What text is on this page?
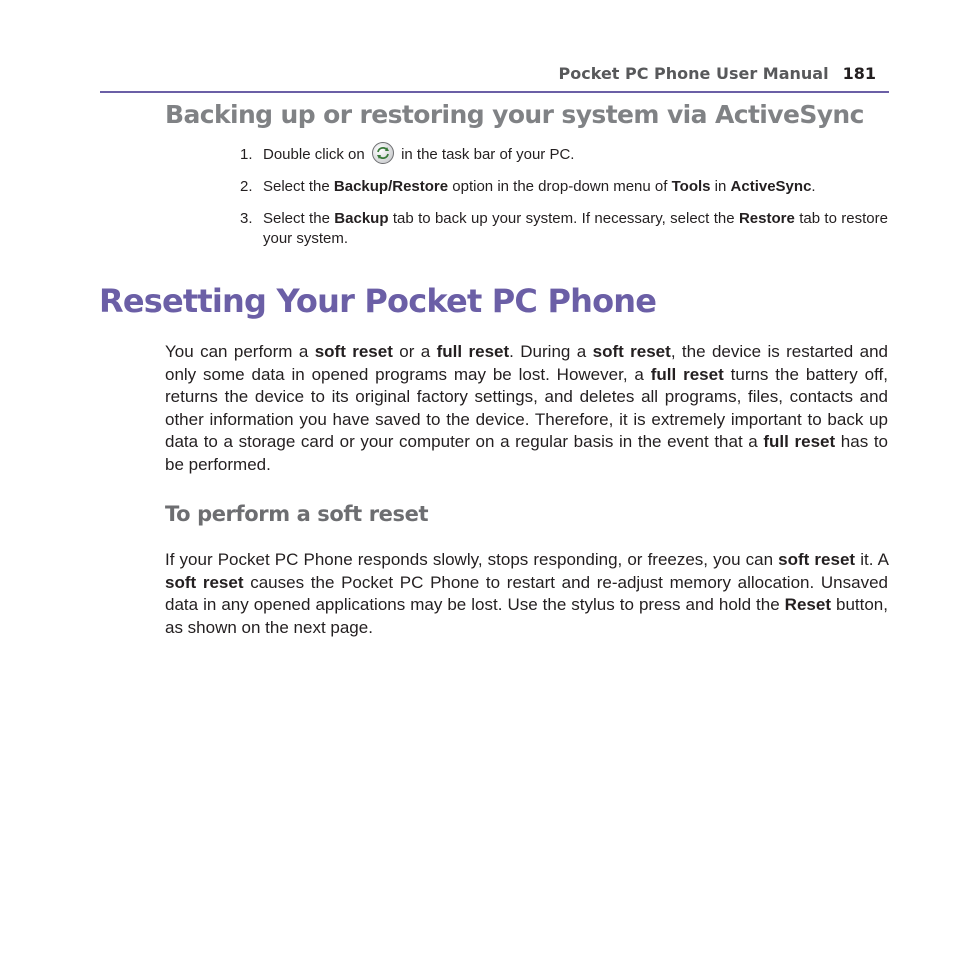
Pocket PC Phone User Manual 181
Backing up or restoring your system via ActiveSync
1. Double click on in the task bar of your PC.
2. Select the Backup/Restore option in the drop-down menu of Tools in ActiveSync.
3. Select the Backup tab to back up your system. If necessary, select the Restore tab to restore your system.
Resetting Your Pocket PC Phone

You can perform a soft reset or a full reset. During a soft reset, the device is restarted and only some data in opened programs may be lost. However, a full reset turns the battery off, returns the device to its original factory settings, and deletes all programs, files, contacts and other information you have saved to the device. Therefore, it is extremely important to back up data to a storage card or your computer on a regular basis in the event that a full reset has to be performed.

To perform a soft reset

If your Pocket PC Phone responds slowly, stops responding, or freezes, you can soft reset it. A soft reset causes the Pocket PC Phone to restart and re-adjust memory allocation. Unsaved data in any opened applications may be lost. Use the stylus to press and hold the Reset button, as shown on the next page.
